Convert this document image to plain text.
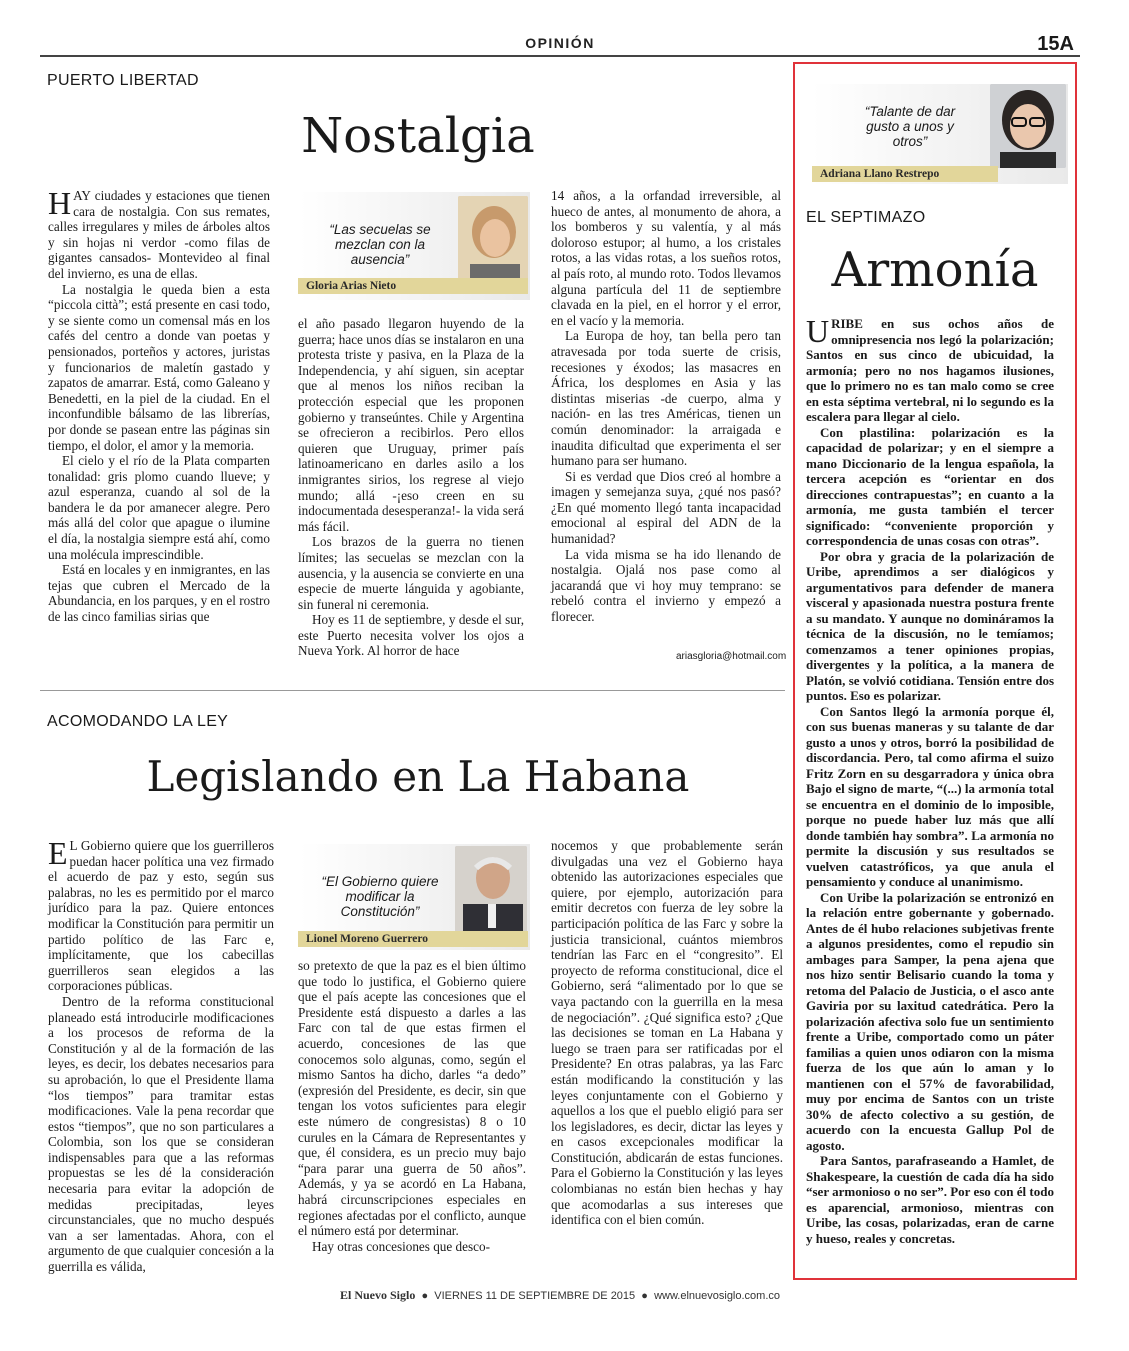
OPINIÓN	15A
PUERTO LIBERTAD
Nostalgia
“Las secuelas se mezclan con la ausencia”
Gloria Arias Nieto

HAY ciudades y estaciones que tienen cara de nostalgia. Con sus remates, calles irregulares y miles de árboles altos y sin hojas ni verdor -como filas de gigantes cansados- Montevideo al final del invierno, es una de ellas.

La nostalgia le queda bien a esta “piccola città”; está presente en casi todo, y se siente como un comensal más en los cafés del centro a donde van poetas y pensionados, porteños y actores, juristas y funcionarios de maletín gastado y zapatos de amarrar. Está, como Galeano y Benedetti, en la piel de la ciudad. En el inconfundible bálsamo de las librerías, por donde se pasean entre las páginas sin tiempo, el dolor, el amor y la memoria.

El cielo y el río de la Plata comparten tonalidad: gris plomo cuando llueve; y azul esperanza, cuando al sol de la bandera le da por amanecer alegre. Pero más allá del color que apague o ilumine el día, la nostalgia siempre está ahí, como una molécula imprescindible.

Está en locales y en inmigrantes, en las tejas que cubren el Mercado de la Abundancia, en los parques, y en el rostro de las cinco familias sirias que

el año pasado llegaron huyendo de la guerra; hace unos días se instalaron en una protesta triste y pasiva, en la Plaza de la Independencia, y ahí siguen, sin aceptar que al menos los niños reciban la protección especial que les proponen gobierno y transeúntes. Chile y Argentina se ofrecieron a recibirlos. Pero ellos quieren que Uruguay, primer país latinoamericano en darles asilo a los inmigrantes sirios, los regrese al viejo mundo; allá -¡eso creen en su indocumentada desesperanza!- la vida será más fácil.

Los brazos de la guerra no tienen límites; las secuelas se mezclan con la ausencia, y la ausencia se convierte en una especie de muerte lánguida y agobiante, sin funeral ni ceremonia.

Hoy es 11 de septiembre, y desde el sur, este Puerto necesita volver los ojos a Nueva York. Al horror de hace

14 años, a la orfandad irreversible, al hueco de antes, al monumento de ahora, a los bomberos y su valentía, y al más doloroso estupor; al humo, a los cristales rotos, a las vidas rotas, a los sueños rotos, al país roto, al mundo roto. Todos llevamos alguna partícula del 11 de septiembre clavada en la piel, en el horror y el error, en el vacío y la memoria.

La Europa de hoy, tan bella pero tan atravesada por toda suerte de crisis, recesiones y éxodos; las masacres en África, los desplomes en Asia y las distintas miserias -de cuerpo, alma y nación- en las tres Américas, tienen un común denominador: la arraigada e inaudita dificultad que experimenta el ser humano para ser humano.

Si es verdad que Dios creó al hombre a imagen y semejanza suya, ¿qué nos pasó? ¿En qué momento llegó tanta incapacidad emocional al espiral del ADN de la humanidad?

La vida misma se ha ido llenando de nostalgia. Ojalá nos pase como al jacarandá que vi hoy muy temprano: se rebeló contra el invierno y empezó a florecer.

ariasgloria@hotmail.com
ACOMODANDO LA LEY
Legislando en La Habana
“El Gobierno quiere modificar la Constitución”
Lionel Moreno Guerrero

E L Gobierno quiere que los guerrilleros puedan hacer política una vez firmado el acuerdo de paz y esto, según sus palabras, no les es permitido por el marco jurídico para la paz. Quiere entonces modificar la Constitución para permitir un partido político de las Farc e, implícitamente, que los cabecillas guerrilleros sean elegidos a las corporaciones públicas.

Dentro de la reforma constitucional planeado está introducirle modificaciones a los procesos de reforma de la Constitución y al de la formación de las leyes, es decir, los debates necesarios para su aprobación, lo que el Presidente llama “los tiempos” para tramitar estas modificaciones. Vale la pena recordar que estos “tiempos”, que no son particulares a Colombia, son los que se consideran indispensables para que a las reformas propuestas se les dé la consideración necesaria para evitar la adopción de medidas precipitadas, leyes circunstanciales, que no mucho después van a ser lamentadas. Ahora, con el argumento de que cualquier concesión a la guerrilla es válida,

so pretexto de que la paz es el bien último que todo lo justifica, el Gobierno quiere que el país acepte las concesiones que el Presidente está dispuesto a darles a las Farc con tal de que estas firmen el acuerdo, concesiones de las que conocemos solo algunas, como, según el mismo Santos ha dicho, darles “a dedo” (expresión del Presidente, es decir, sin que tengan los votos suficientes para elegir este número de congresistas) 8 o 10 curules en la Cámara de Representantes y que, él considera, es un precio muy bajo “para parar una guerra de 50 años”. Además, y ya se acordó en La Habana, habrá circunscripciones especiales en regiones afectadas por el conflicto, aunque el número está por determinar.

Hay otras concesiones que desco-

nocemos y que probablemente serán divulgadas una vez el Gobierno haya obtenido las autorizaciones especiales que quiere, por ejemplo, autorización para emitir decretos con fuerza de ley sobre la participación política de las Farc y sobre la justicia transicional, cuántos miembros tendrían las Farc en el “congresito”. El proyecto de reforma constitucional, dice el Gobierno, será “alimentado por lo que se vaya pactando con la guerrilla en la mesa de negociación”. ¿Qué significa esto? ¿Que las decisiones se toman en La Habana y luego se traen para ser ratificadas por el Presidente? En otras palabras, ya las Farc están modificando la constitución y las leyes conjuntamente con el Gobierno y aquellos a los que el pueblo eligió para ser los legisladores, es decir, dictar las leyes y en casos excepcionales modificar la Constitución, abdicarán de estas funciones. Para el Gobierno la Constitución y las leyes colombianas no están bien hechas y hay que acomodarlas a sus intereses que identifica con el bien común.

“Talante de dar gusto a unos y otros”
Adriana Llano Restrepo
EL SEPTIMAZO
Armonía

URIBE en sus ochos años de omnipresencia nos legó la polarización; Santos en sus cinco de ubicuidad, la armonía; pero no nos hagamos ilusiones, que lo primero no es tan malo como se cree en esta séptima vertebral, ni lo segundo es la escalera para llegar al cielo.

Con plastilina: polarización es la capacidad de polarizar; y en el siempre a mano Diccionario de la lengua española, la tercera acepción es “orientar en dos direcciones contrapuestas”; en cuanto a la armonía, me gusta también el tercer significado: “conveniente proporción y correspondencia de unas cosas con otras”.

Por obra y gracia de la polarización de Uribe, aprendimos a ser dialógicos y argumentativos para defender de manera visceral y apasionada nuestra postura frente a su mandato. Y aunque no domináramos la técnica de la discusión, no le temíamos; comenzamos a tener opiniones propias, divergentes y la política, a la manera de Platón, se volvió cotidiana. Tensión entre dos puntos. Eso es polarizar.

Con Santos llegó la armonía porque él, con sus buenas maneras y su talante de dar gusto a unos y otros, borró la posibilidad de discordancia. Pero, tal como afirma el suizo Fritz Zorn en su desgarradora y única obra Bajo el signo de marte, “(...) la armonía total se encuentra en el dominio de lo imposible, porque no puede haber luz más que allí donde también hay sombra”. La armonía no permite la discusión y sus resultados se vuelven catastróficos, ya que anula el pensamiento y conduce al unanimismo.

Con Uribe la polarización se entronizó en la relación entre gobernante y gobernado. Antes de él hubo relaciones subjetivas frente a algunos presidentes, como el repudio sin ambages para Samper, la pena ajena que nos hizo sentir Belisario cuando la toma y retoma del Palacio de Justicia, o el asco ante Gaviria por su laxitud catedrática. Pero la polarización afectiva solo fue un sentimiento frente a Uribe, comportado como un páter familias a quien unos odiaron con la misma fuerza de los que aún lo aman y lo mantienen con el 57% de favorabilidad, muy por encima de Santos con un triste 30% de afecto colectivo a su gestión, de acuerdo con la encuesta Gallup Pol de agosto.

Para Santos, parafraseando a Hamlet, de Shakespeare, la cuestión de cada día ha sido “ser armonioso o no ser”. Por eso con él todo es aparencial, armonioso, mientras con Uribe, las cosas, polarizadas, eran de carne y hueso, reales y concretas.

El Nuevo Siglo  ●  VIERNES 11 DE SEPTIEMBRE DE 2015  ●  www.elnuevosiglo.com.co
